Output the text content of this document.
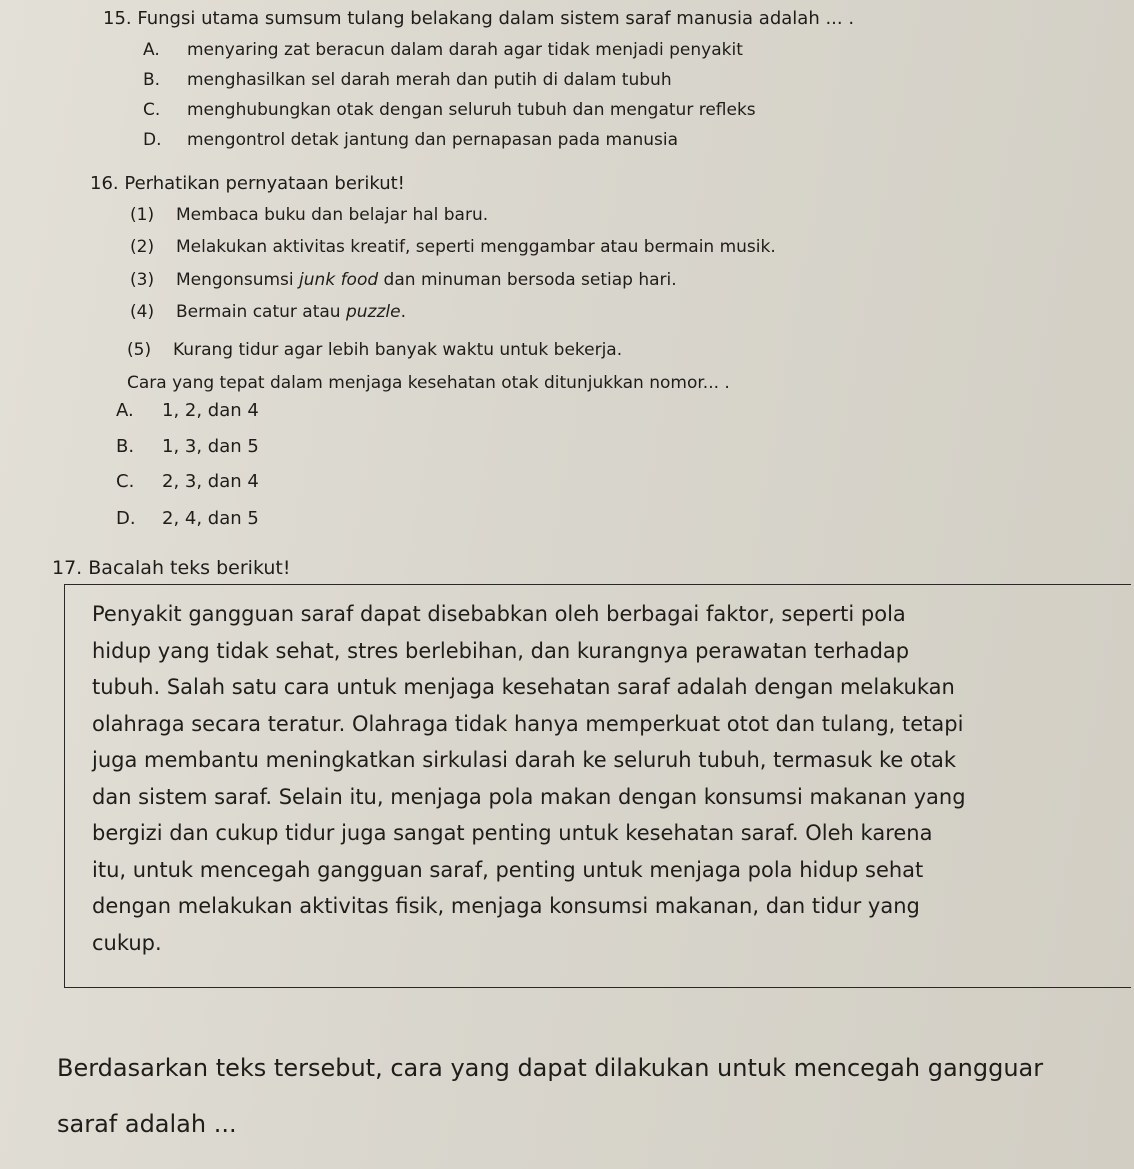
15. Fungsi utama sumsum tulang belakang dalam sistem saraf manusia adalah ... .
A. menyaring zat beracun dalam darah agar tidak menjadi penyakit
B. menghasilkan sel darah merah dan putih di dalam tubuh
C. menghubungkan otak dengan seluruh tubuh dan mengatur refleks
D. mengontrol detak jantung dan pernapasan pada manusia
16. Perhatikan pernyataan berikut!
(1) Membaca buku dan belajar hal baru.
(2) Melakukan aktivitas kreatif, seperti menggambar atau bermain musik.
(3) Mengonsumsi junk food dan minuman bersoda setiap hari.
(4) Bermain catur atau puzzle.
(5) Kurang tidur agar lebih banyak waktu untuk bekerja.
Cara yang tepat dalam menjaga kesehatan otak ditunjukkan nomor... .
A. 1, 2, dan 4
B. 1, 3, dan 5
C. 2, 3, dan 4
D. 2, 4, dan 5
17. Bacalah teks berikut!
Penyakit gangguan saraf dapat disebabkan oleh berbagai faktor, seperti pola
hidup yang tidak sehat, stres berlebihan, dan kurangnya perawatan terhadap
tubuh. Salah satu cara untuk menjaga kesehatan saraf adalah dengan melakukan
olahraga secara teratur. Olahraga tidak hanya memperkuat otot dan tulang, tetapi
juga membantu meningkatkan sirkulasi darah ke seluruh tubuh, termasuk ke otak
dan sistem saraf. Selain itu, menjaga pola makan dengan konsumsi makanan yang
bergizi dan cukup tidur juga sangat penting untuk kesehatan saraf. Oleh karena
itu, untuk mencegah gangguan saraf, penting untuk menjaga pola hidup sehat
dengan melakukan aktivitas fisik, menjaga konsumsi makanan, dan tidur yang
cukup.
Berdasarkan teks tersebut, cara yang dapat dilakukan untuk mencegah gangguar
saraf adalah ...
